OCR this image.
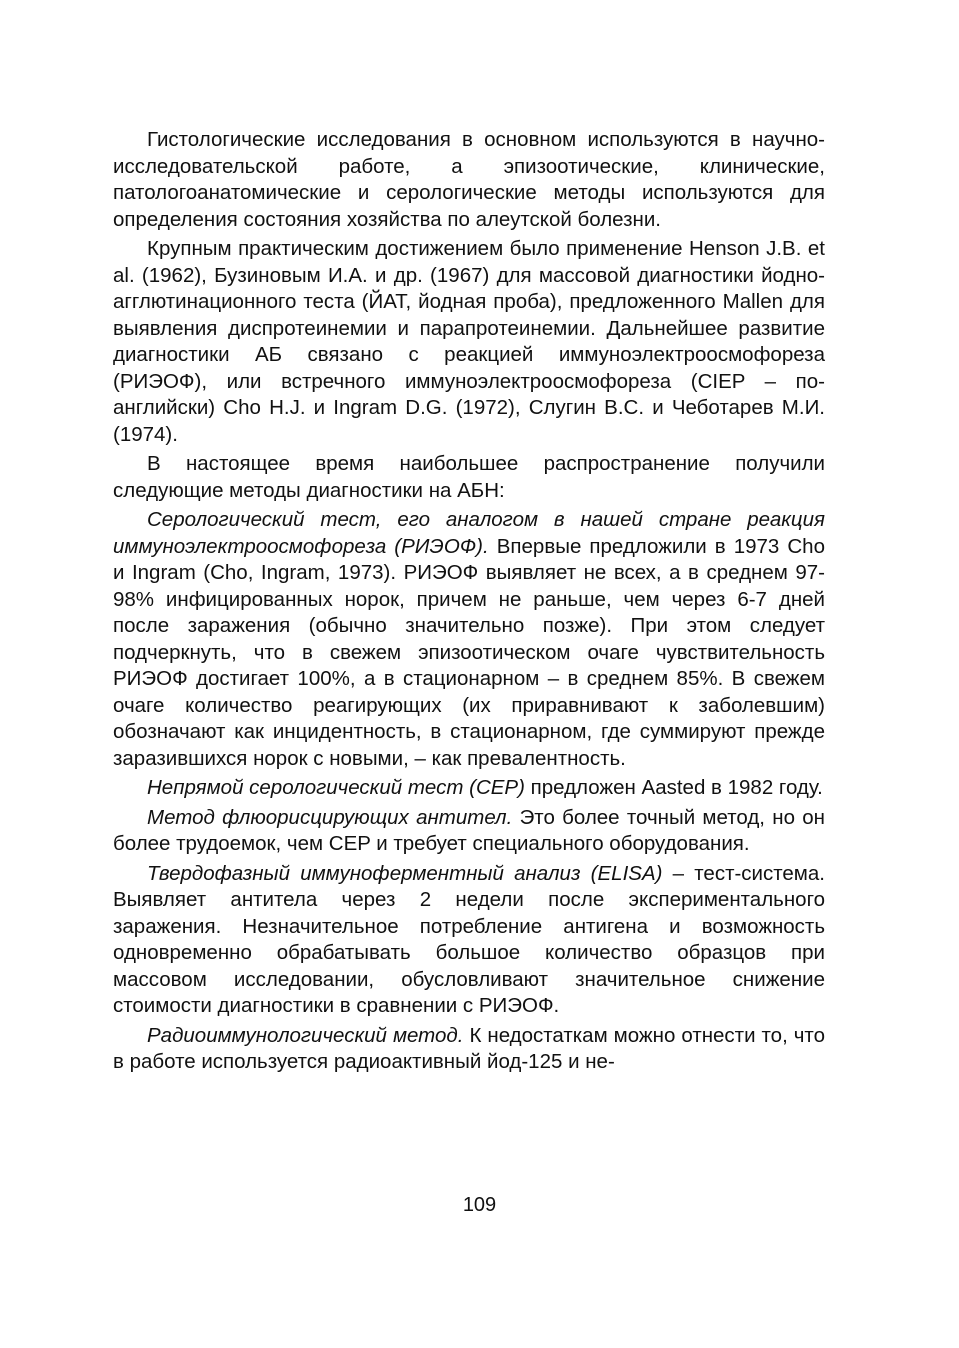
Гистологические исследования в основном используются в научно-исследовательской работе, а эпизоотические, клинические, патологоанатомические и серологические методы используются для определения состояния хозяйства по алеутской болезни.

Крупным практическим достижением было применение Henson J.B. et al. (1962), Бузиновым И.А. и др. (1967) для массовой диагностики йодно-агглютинационного теста (ЙАТ, йодная проба), предложенного Mallen для выявления диспротеинемии и парапротеинемии. Дальнейшее развитие диагностики АБ связано с реакцией иммуноэлектроосмофореза (РИЭОФ), или встречного иммуноэлектроосмофореза (CIEP – по-английски) Cho H.J. и Ingram D.G. (1972), Слугин В.С. и Чеботарев М.И. (1974).

В настоящее время наибольшее распространение получили следующие методы диагностики на АБН:

Серологический тест, его аналогом в нашей стране реакция иммуноэлектроосмофореза (РИЭОФ). Впервые предложили в 1973 Cho и Ingram (Cho, Ingram, 1973). РИЭОФ выявляет не всех, а в среднем 97-98% инфицированных норок, причем не раньше, чем через 6-7 дней после заражения (обычно значительно позже). При этом следует подчеркнуть, что в свежем эпизоотическом очаге чувствительность РИЭОФ достигает 100%, а в стационарном – в среднем 85%. В свежем очаге количество реагирующих (их приравнивают к заболевшим) обозначают как инцидентность, в стационарном, где суммируют прежде заразившихся норок с новыми, – как превалентность.

Непрямой серологический тест (CEP) предложен Aasted в 1982 году.

Метод флюорисцирующих антител. Это более точный метод, но он более трудоемок, чем CEP и требует специального оборудования.

Твердофазный иммуноферментный анализ (ELISA) – тест-система. Выявляет антитела через 2 недели после экспериментального заражения. Незначительное потребление антигена и возможность одновременно обрабатывать большое количество образцов при массовом исследовании, обусловливают значительное снижение стоимости диагностики в сравнении с РИЭОФ.

Радиоиммунологический метод. К недостаткам можно отнести то, что в работе используется радиоактивный йод-125 и не-

109
